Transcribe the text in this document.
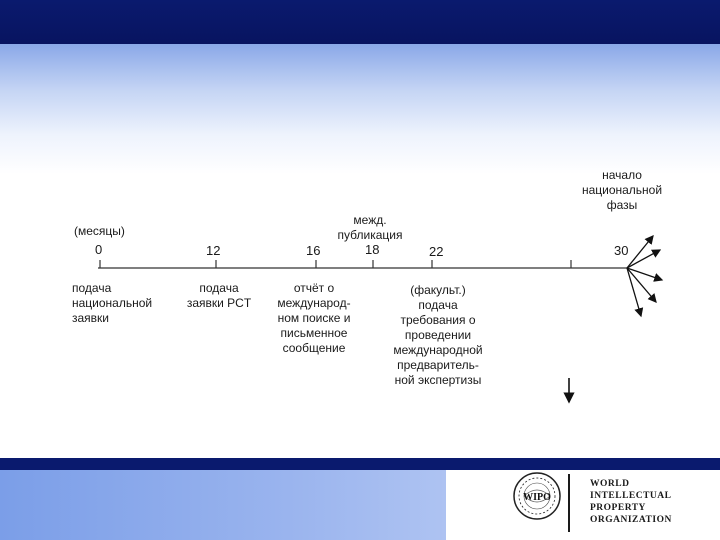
(месяцы)
0	12	16	18	22	30
подача
национальной
заявки
подача
заявки PCT
отчёт о
международ-
ном поиске и
письменное
сообщение
межд.
публикация
(факульт.)
подача
требования о
проведении
международной
предваритель-
ной экспертизы
начало
национальной
фазы
WIPO
WORLD
INTELLECTUAL
PROPERTY
ORGANIZATION
